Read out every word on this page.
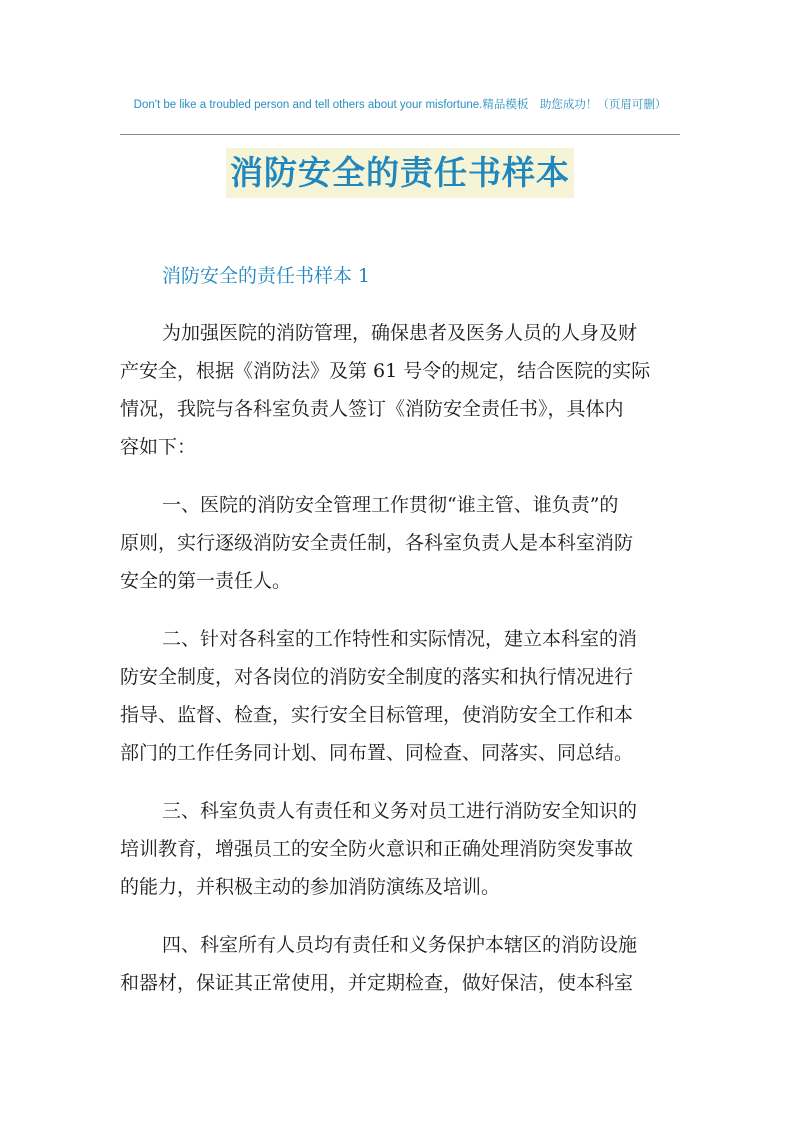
Don't be like a troubled person and tell others about your misfortune.精品模板　助您成功！（页眉可删）
消防安全的责任书样本
消防安全的责任书样本 1

为加强医院的消防管理，确保患者及医务人员的人身及财
产安全，根据《消防法》及第 61 号令的规定，结合医院的实际
情况，我院与各科室负责人签订《消防安全责任书》，具体内
容如下：

一、医院的消防安全管理工作贯彻“谁主管、谁负责”的
原则，实行逐级消防安全责任制，各科室负责人是本科室消防
安全的第一责任人。

二、针对各科室的工作特性和实际情况，建立本科室的消
防安全制度，对各岗位的消防安全制度的落实和执行情况进行
指导、监督、检查，实行安全目标管理，使消防安全工作和本
部门的工作任务同计划、同布置、同检查、同落实、同总结。

三、科室负责人有责任和义务对员工进行消防安全知识的
培训教育，增强员工的安全防火意识和正确处理消防突发事故
的能力，并积极主动的参加消防演练及培训。

四、科室所有人员均有责任和义务保护本辖区的消防设施
和器材，保证其正常使用，并定期检查，做好保洁，使本科室
